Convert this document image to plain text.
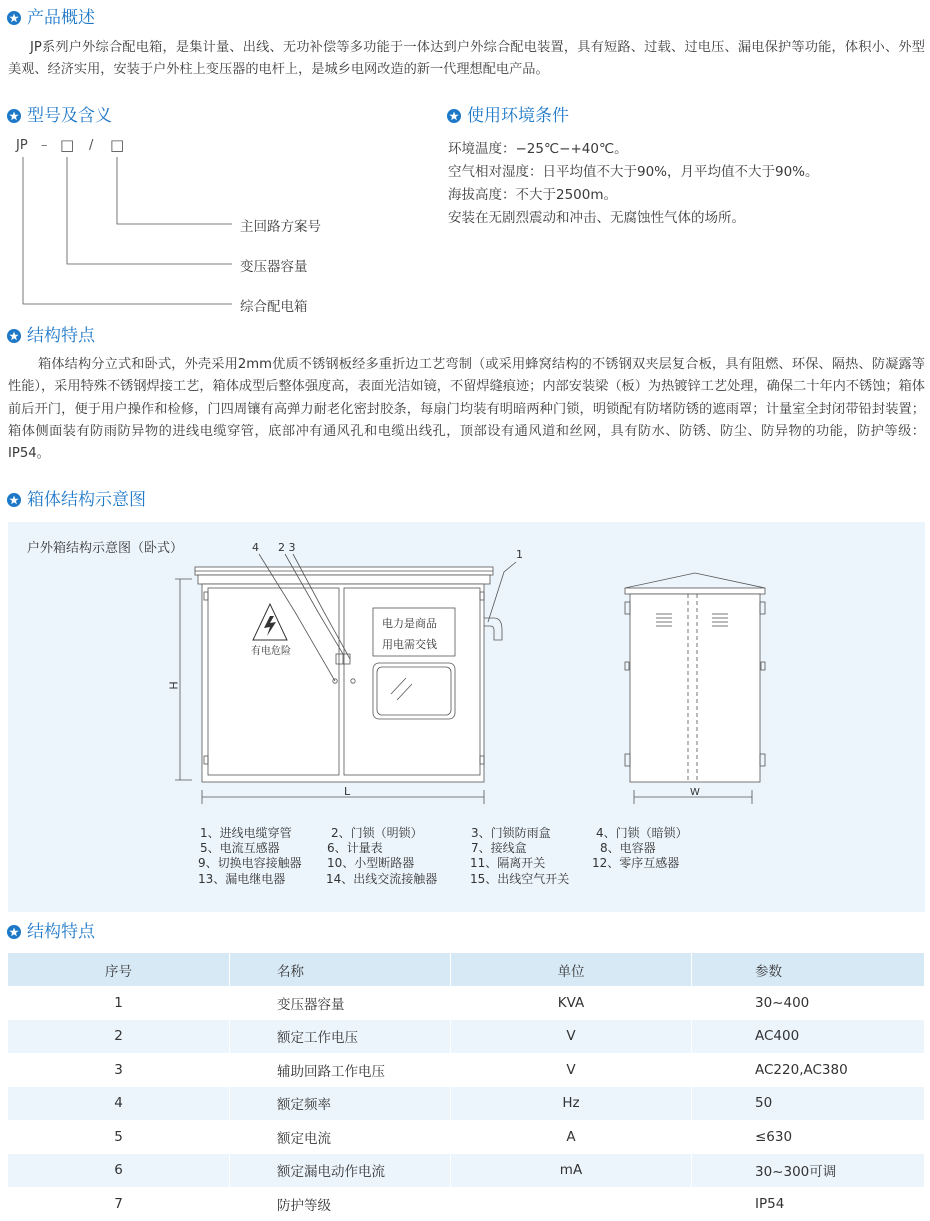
产品概述
JP系列户外综合配电箱，是集计量、出线、无功补偿等多功能于一体达到户外综合配电装置，具有短路、过载、过电压、漏电保护等功能，体积小、外型美观、经济实用，安装于户外柱上变压器的电杆上，是城乡电网改造的新一代理想配电产品。
型号及含义
JP – □ / □
主回路方案号
变压器容量
综合配电箱
使用环境条件
环境温度：−25℃−+40℃。
空气相对湿度：日平均值不大于90%，月平均值不大于90%。
海拔高度：不大于2500m。
安装在无剧烈震动和冲击、无腐蚀性气体的场所。
结构特点
箱体结构分立式和卧式，外壳采用2mm优质不锈钢板经多重折边工艺弯制（或采用蜂窝结构的不锈钢双夹层复合板，具有阻燃、环保、隔热、防凝露等性能），采用特殊不锈钢焊接工艺，箱体成型后整体强度高，表面光洁如镜，不留焊缝痕迹；内部安装梁（板）为热镀锌工艺处理，确保二十年内不锈蚀；箱体前后开门，便于用户操作和检修，门四周镶有高弹力耐老化密封胶条，每扇门均装有明暗两种门锁，明锁配有防堵防锈的遮雨罩；计量室全封闭带铅封装置；箱体侧面装有防雨防异物的进线电缆穿管，底部冲有通风孔和电缆出线孔，顶部设有通风道和丝网，具有防水、防锈、防尘、防异物的功能，防护等级：IP54。
箱体结构示意图
户外箱结构示意图（卧式）	4 2 3
1
有电危险
电力是商品
用电需交钱
H
L	W
1、进线电缆穿管	2、门锁（明锁）	3、门锁防雨盒	4、门锁（暗锁）
5、电流互感器	6、计量表	7、接线盒	8、电容器
9、切换电容接触器 10、小型断路器	11、隔离开关	12、零序互感器
13、漏电继电器	14、出线交流接触器	15、出线空气开关
结构特点
序号	名称	单位	参数
1	变压器容量	KVA	30~400
2	额定工作电压	V	AC400
3	辅助回路工作电压	V	AC220,AC380
4	额定频率	Hz	50
5	额定电流	A	≤630
6	额定漏电动作电流	mA	30~300可调
7	防护等级		IP54
